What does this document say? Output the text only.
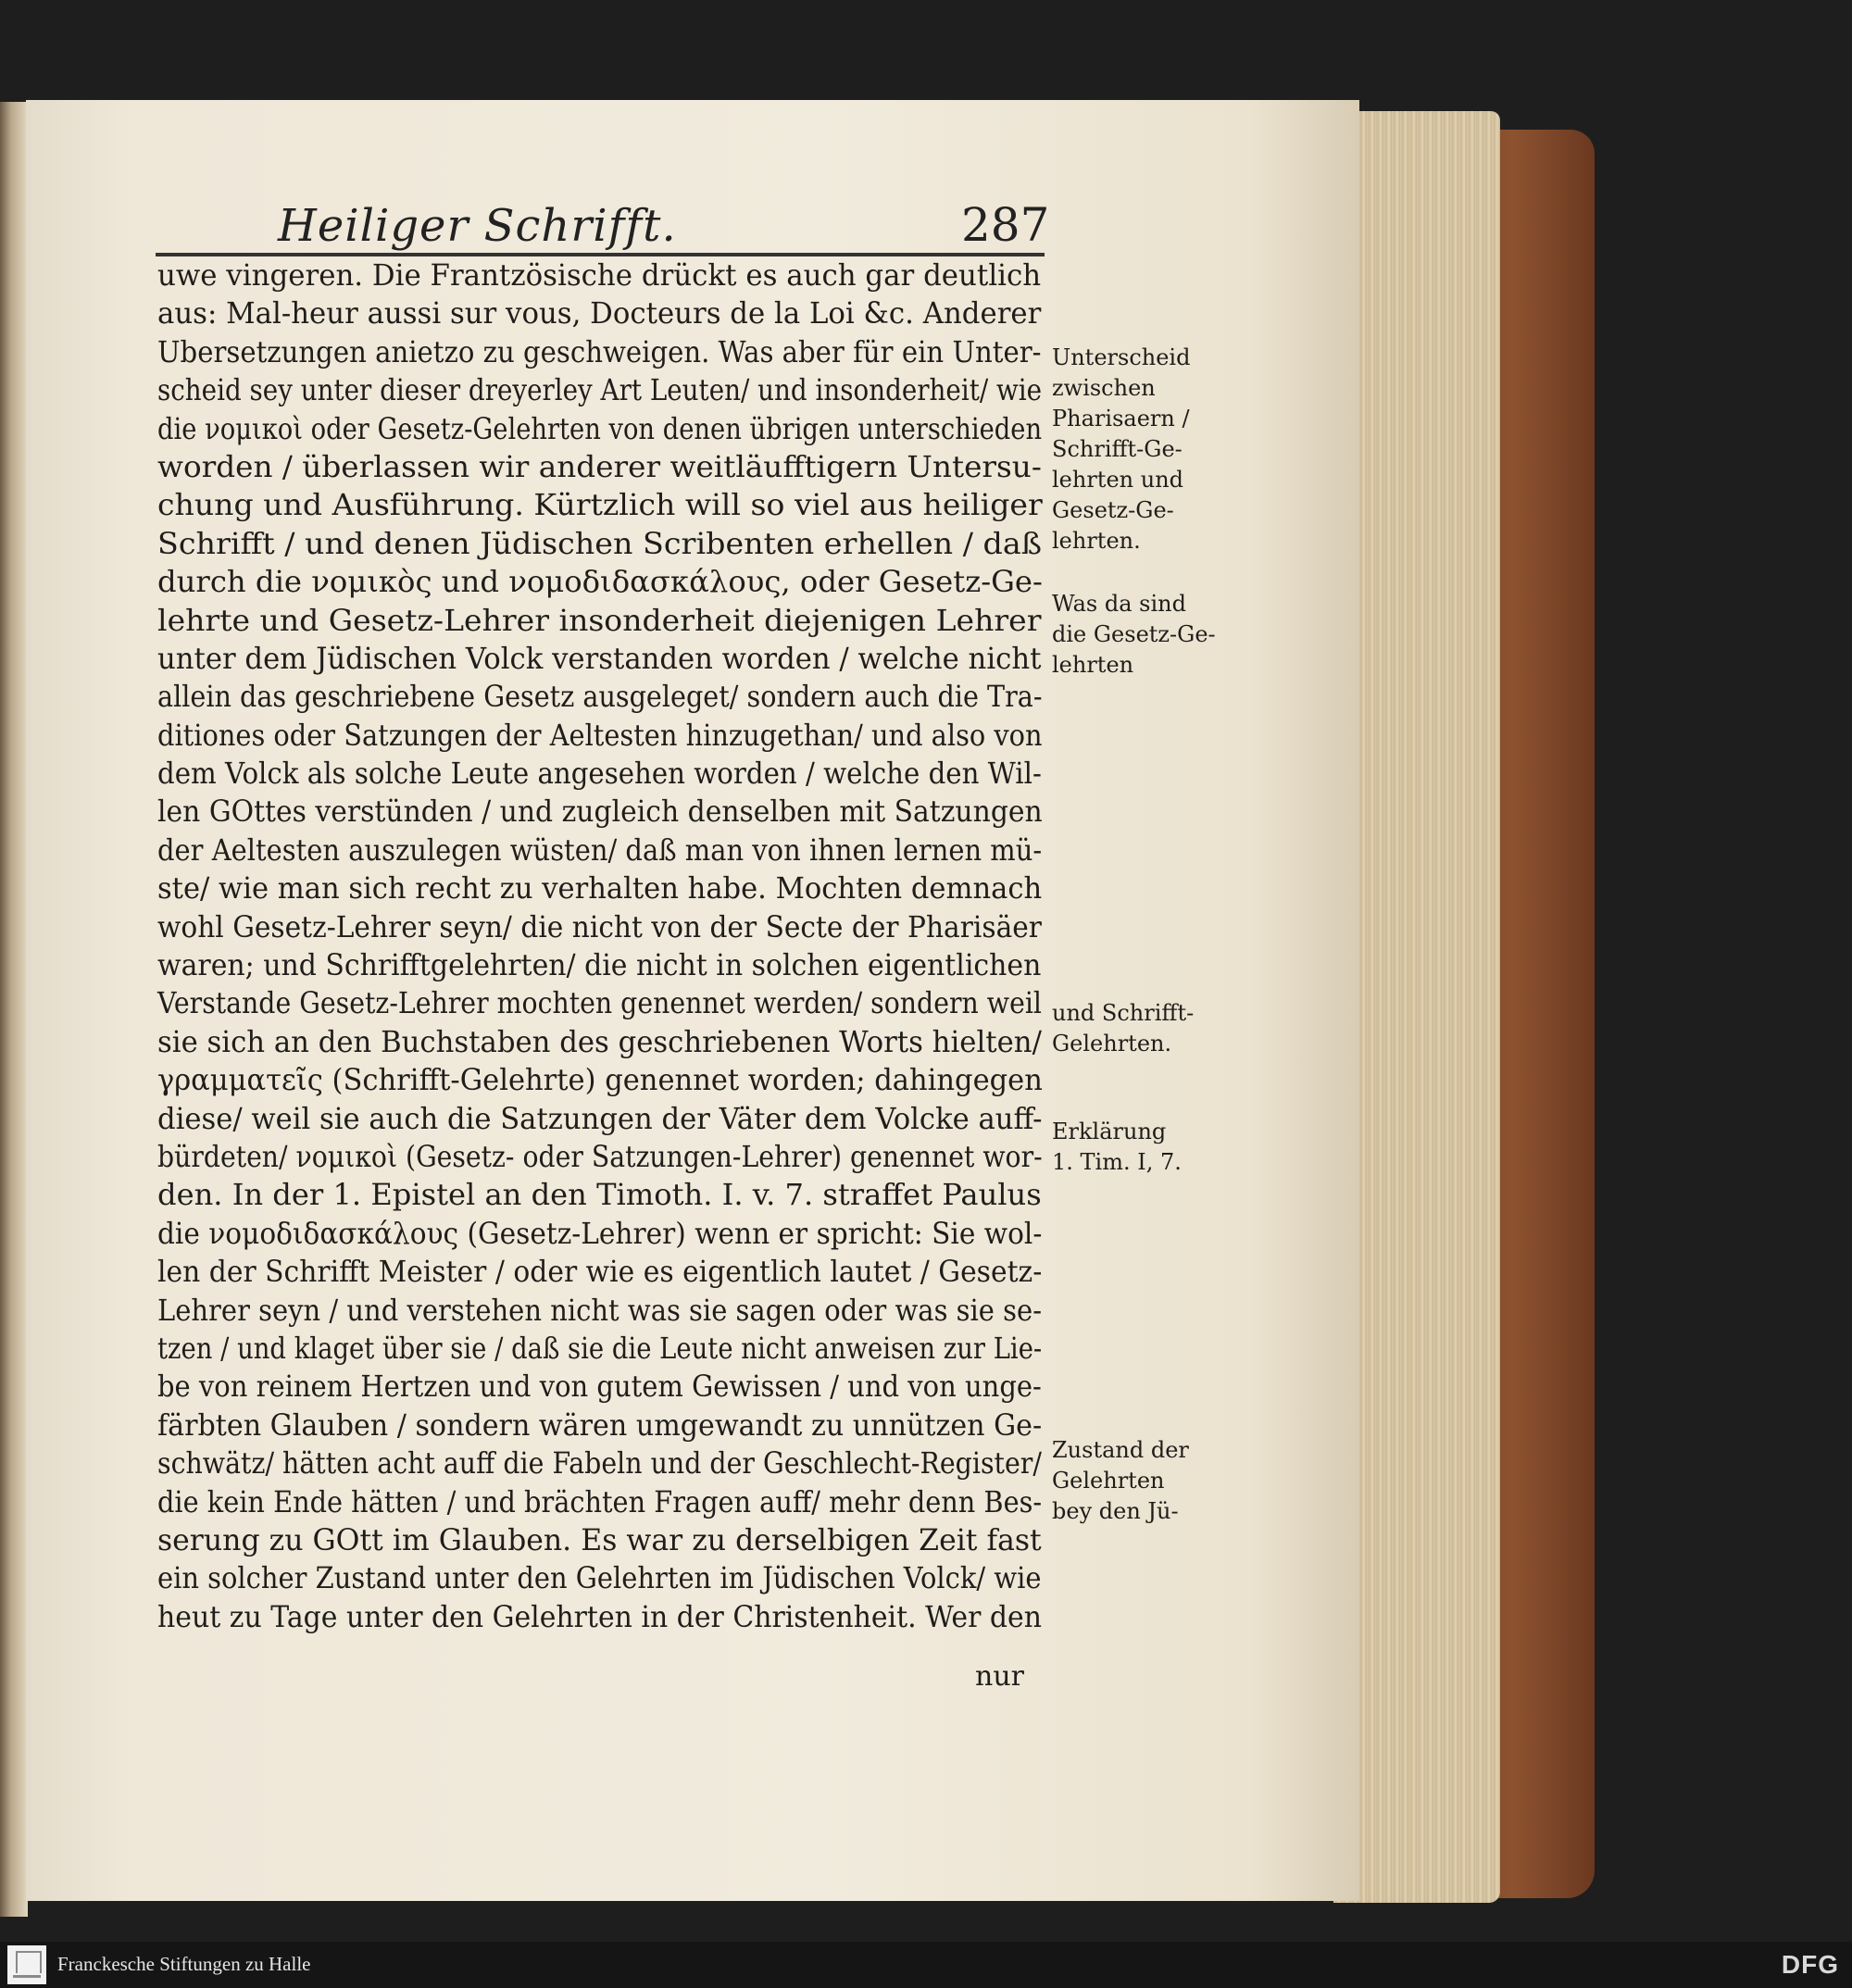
Heiliger Schrifft.	287
uwe vingeren. Die Frantzösische drückt es auch gar deutlich
aus: Mal-heur aussi sur vous, Docteurs de la Loi &c. Anderer
Ubersetzungen anietzo zu geschweigen. Was aber für ein Unter-
scheid sey unter dieser dreyerley Art Leuten/ und insonderheit/ wie
die νομικοὶ oder Gesetz-Gelehrten von denen übrigen unterschieden
worden / überlassen wir anderer weitläufftigern Untersu-
chung und Ausführung. Kürtzlich will so viel aus heiliger
Schrifft / und denen Jüdischen Scribenten erhellen / daß
durch die νομικὸς und νομοδιδασκάλους, oder Gesetz-Ge-
lehrte und Gesetz-Lehrer insonderheit diejenigen Lehrer
unter dem Jüdischen Volck verstanden worden / welche nicht
allein das geschriebene Gesetz ausgeleget/ sondern auch die Tra-
ditiones oder Satzungen der Aeltesten hinzugethan/ und also von
dem Volck als solche Leute angesehen worden / welche den Wil-
len GOttes verstünden / und zugleich denselben mit Satzungen
der Aeltesten auszulegen wüsten/ daß man von ihnen lernen mü-
ste/ wie man sich recht zu verhalten habe. Mochten demnach
wohl Gesetz-Lehrer seyn/ die nicht von der Secte der Pharisäer
waren; und Schrifftgelehrten/ die nicht in solchen eigentlichen
Verstande Gesetz-Lehrer mochten genennet werden/ sondern weil
sie sich an den Buchstaben des geschriebenen Worts hielten/
γραμματεῖς (Schrifft-Gelehrte) genennet worden; dahingegen
diese/ weil sie auch die Satzungen der Väter dem Volcke auff-
bürdeten/ νομικοὶ (Gesetz- oder Satzungen-Lehrer) genennet wor-
den. In der 1. Epistel an den Timoth. I. v. 7. straffet Paulus
die νομοδιδασκάλους (Gesetz-Lehrer) wenn er spricht: Sie wol-
len der Schrifft Meister / oder wie es eigentlich lautet / Gesetz-
Lehrer seyn / und verstehen nicht was sie sagen oder was sie se-
tzen / und klaget über sie / daß sie die Leute nicht anweisen zur Lie-
be von reinem Hertzen und von gutem Gewissen / und von unge-
färbten Glauben / sondern wären umgewandt zu unnützen Ge-
schwätz/ hätten acht auff die Fabeln und der Geschlecht-Register/
die kein Ende hätten / und brächten Fragen auff/ mehr denn Bes-
serung zu GOtt im Glauben. Es war zu derselbigen Zeit fast
ein solcher Zustand unter den Gelehrten im Jüdischen Volck/ wie
heut zu Tage unter den Gelehrten in der Christenheit. Wer den
Unterscheid
zwischen
Pharisaern /
Schrifft-Ge-
lehrten und
Gesetz-Ge-
lehrten.
Was da sind
die Gesetz-Ge-
lehrten
und Schrifft-
Gelehrten.
Erklärung
1. Tim. I, 7.
Zustand der
Gelehrten
bey den Jü-
nur
Franckesche Stiftungen zu Halle	DFG
